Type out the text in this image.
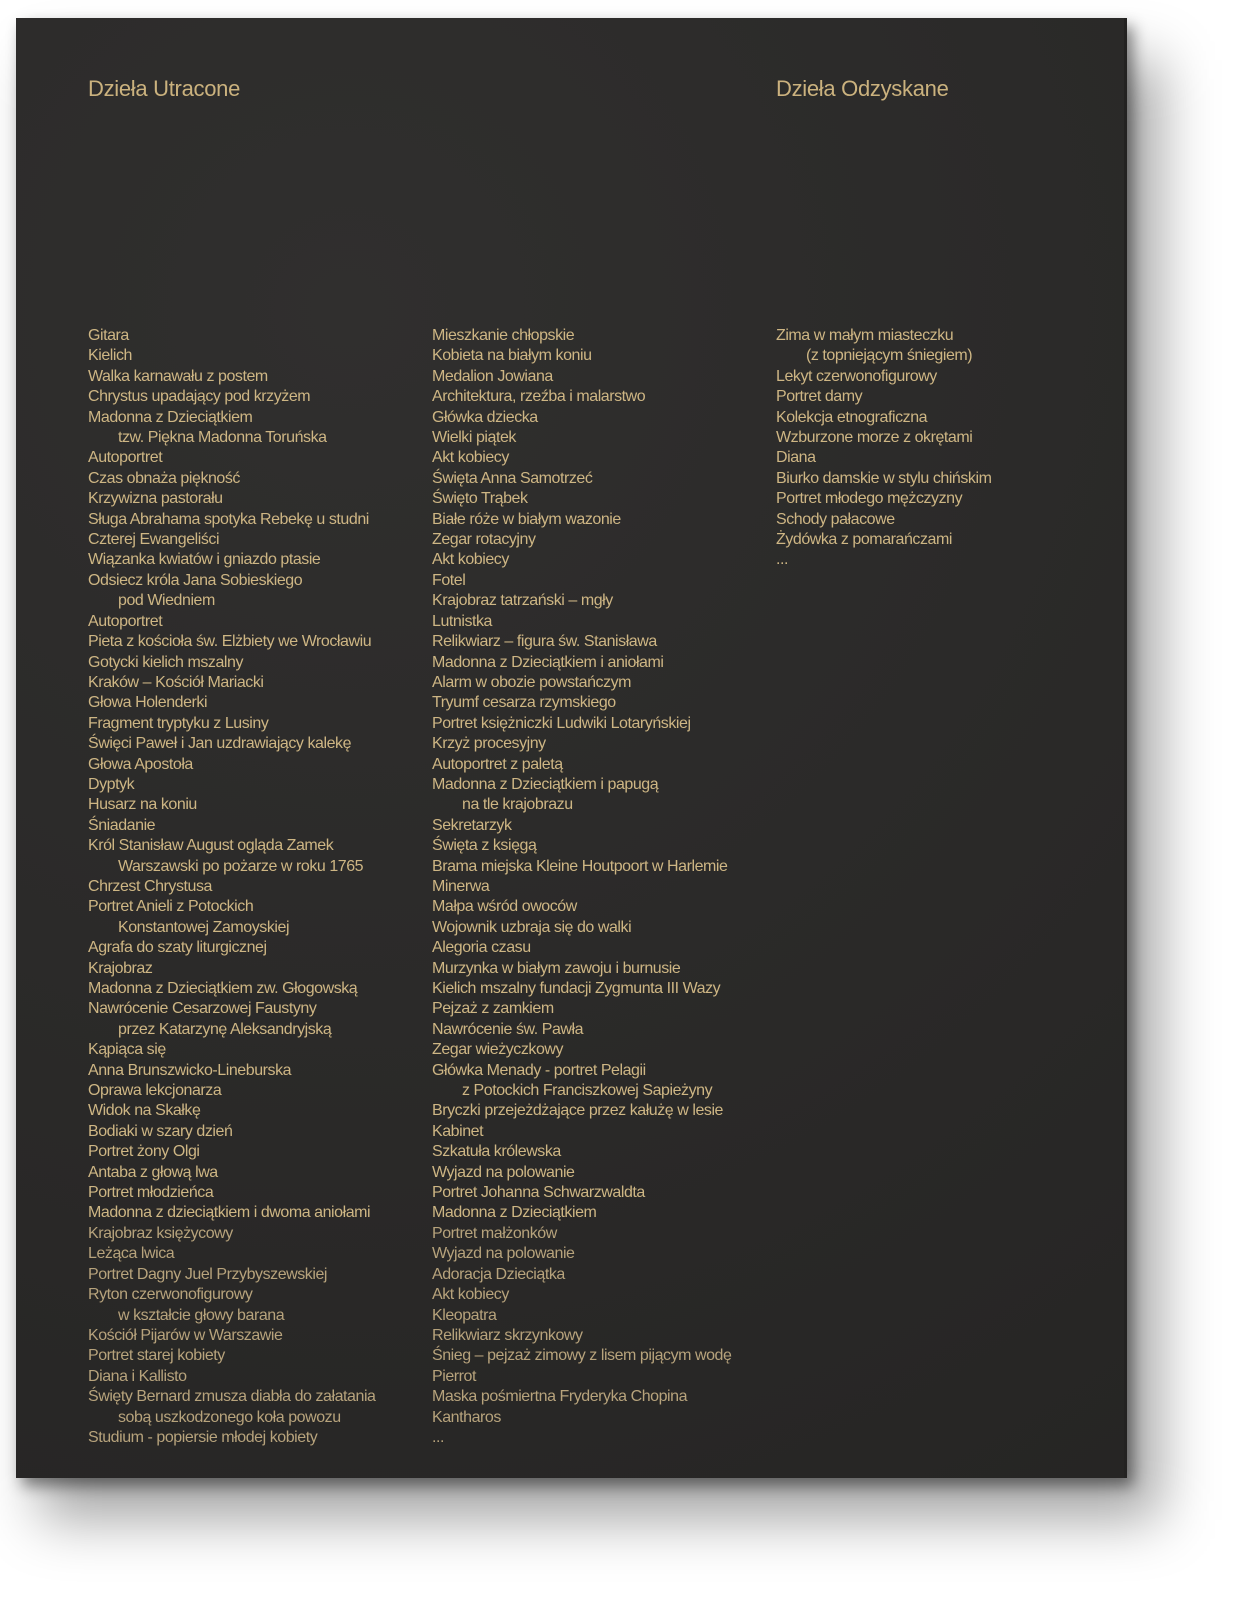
Dzieła Utracone	Dzieła Odzyskane
Gitara
Kielich
Walka karnawału z postem
Chrystus upadający pod krzyżem
Madonna z Dzieciątkiem
tzw. Piękna Madonna Toruńska
Autoportret
Czas obnaża piękność
Krzywizna pastorału
Sługa Abrahama spotyka Rebekę u studni
Czterej Ewangeliści
Wiązanka kwiatów i gniazdo ptasie
Odsiecz króla Jana Sobieskiego
pod Wiedniem
Autoportret
Pieta z kościoła św. Elżbiety we Wrocławiu
Gotycki kielich mszalny
Kraków – Kościół Mariacki
Głowa Holenderki
Fragment tryptyku z Lusiny
Święci Paweł i Jan uzdrawiający kalekę
Głowa Apostoła
Dyptyk
Husarz na koniu
Śniadanie
Król Stanisław August ogląda Zamek
Warszawski po pożarze w roku 1765
Chrzest Chrystusa
Portret Anieli z Potockich
Konstantowej Zamoyskiej
Agrafa do szaty liturgicznej
Krajobraz
Madonna z Dzieciątkiem zw. Głogowską
Nawrócenie Cesarzowej Faustyny
przez Katarzynę Aleksandryjską
Kąpiąca się
Anna Brunszwicko-Lineburska
Oprawa lekcjonarza
Widok na Skałkę
Bodiaki w szary dzień
Portret żony Olgi
Antaba z głową lwa
Portret młodzieńca
Madonna z dzieciątkiem i dwoma aniołami
Krajobraz księżycowy
Leżąca lwica
Portret Dagny Juel Przybyszewskiej
Ryton czerwonofigurowy
w kształcie głowy barana
Kościół Pijarów w Warszawie
Portret starej kobiety
Diana i Kallisto
Święty Bernard zmusza diabła do załatania
sobą uszkodzonego koła powozu
Studium - popiersie młodej kobiety
Mieszkanie chłopskie
Kobieta na białym koniu
Medalion Jowiana
Architektura, rzeźba i malarstwo
Główka dziecka
Wielki piątek
Akt kobiecy
Święta Anna Samotrzeć
Święto Trąbek
Białe róże w białym wazonie
Zegar rotacyjny
Akt kobiecy
Fotel
Krajobraz tatrzański – mgły
Lutnistka
Relikwiarz – figura św. Stanisława
Madonna z Dzieciątkiem i aniołami
Alarm w obozie powstańczym
Tryumf cesarza rzymskiego
Portret księżniczki Ludwiki Lotaryńskiej
Krzyż procesyjny
Autoportret z paletą
Madonna z Dzieciątkiem i papugą
na tle krajobrazu
Sekretarzyk
Święta z księgą
Brama miejska Kleine Houtpoort w Harlemie
Minerwa
Małpa wśród owoców
Wojownik uzbraja się do walki
Alegoria czasu
Murzynka w białym zawoju i burnusie
Kielich mszalny fundacji Zygmunta III Wazy
Pejzaż z zamkiem
Nawrócenie św. Pawła
Zegar wieżyczkowy
Główka Menady - portret Pelagii
z Potockich Franciszkowej Sapieżyny
Bryczki przejeżdżające przez kałużę w lesie
Kabinet
Szkatuła królewska
Wyjazd na polowanie
Portret Johanna Schwarzwaldta
Madonna z Dzieciątkiem
Portret małżonków
Wyjazd na polowanie
Adoracja Dzieciątka
Akt kobiecy
Kleopatra
Relikwiarz skrzynkowy
Śnieg – pejzaż zimowy z lisem pijącym wodę
Pierrot
Maska pośmiertna Fryderyka Chopina
Kantharos
...
Zima w małym miasteczku
(z topniejącym śniegiem)
Lekyt czerwonofigurowy
Portret damy
Kolekcja etnograficzna
Wzburzone morze z okrętami
Diana
Biurko damskie w stylu chińskim
Portret młodego mężczyzny
Schody pałacowe
Żydówka z pomarańczami
...
